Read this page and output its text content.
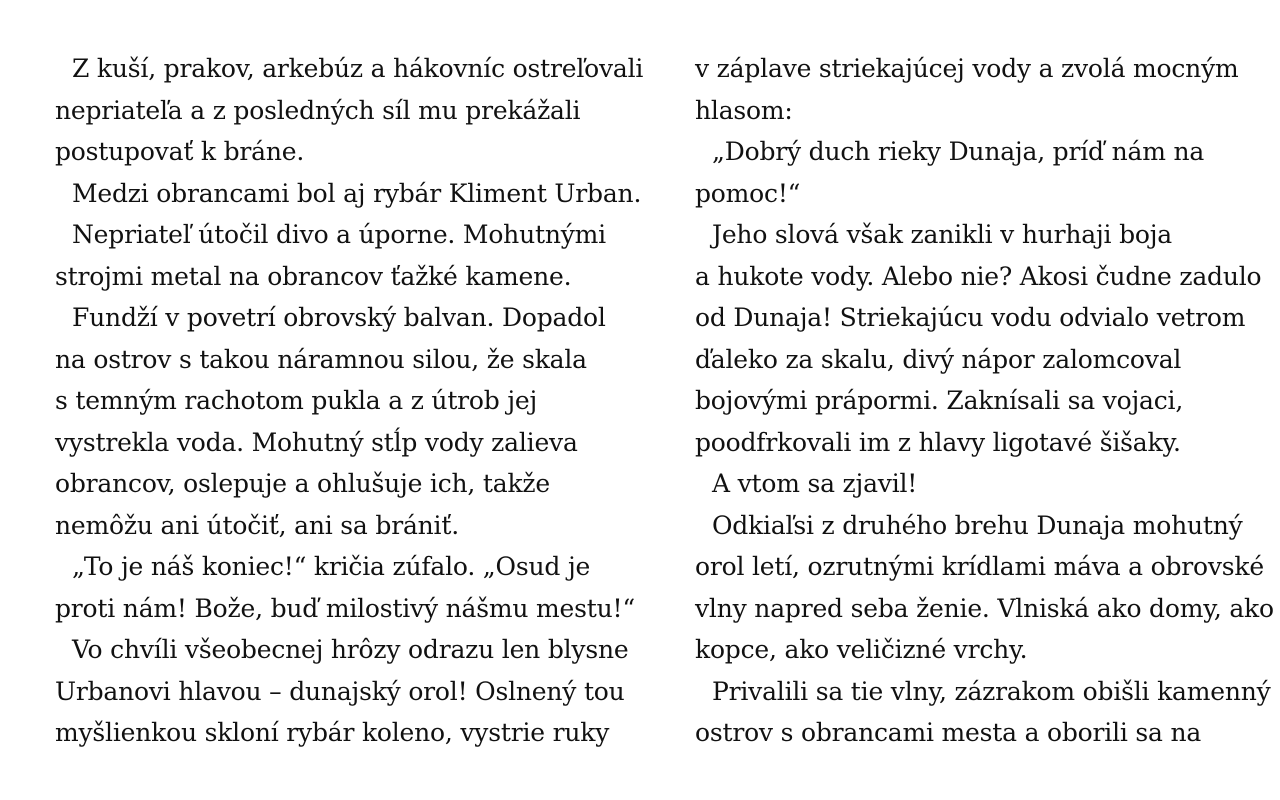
Z kuší, prakov, arkebúz a hákovníc ostreľovali
nepriateľa a z posledných síl mu prekážali
postupovať k bráne.
Medzi obrancami bol aj rybár Kliment Urban.
Nepriateľ útočil divo a úporne. Mohutnými
strojmi metal na obrancov ťažké kamene.
Fundží v povetrí obrovský balvan. Dopadol
na ostrov s takou náramnou silou, že skala
s temným rachotom pukla a z útrob jej
vystrekla voda. Mohutný stĺp vody zalieva
obrancov, oslepuje a ohlušuje ich, takže
nemôžu ani útočiť, ani sa brániť.
„To je náš koniec!“ kričia zúfalo. „Osud je
proti nám! Bože, buď milostivý nášmu mestu!“
Vo chvíli všeobecnej hrôzy odrazu len blysne
Urbanovi hlavou – dunajský orol! Oslnený tou
myšlienkou skloní rybár koleno, vystrie ruky
v záplave striekajúcej vody a zvolá mocným
hlasom:
„Dobrý duch rieky Dunaja, príď nám na
pomoc!“
Jeho slová však zanikli v hurhaji boja
a hukote vody. Alebo nie? Akosi čudne zadulo
od Dunaja! Striekajúcu vodu odvialo vetrom
ďaleko za skalu, divý nápor zalomcoval
bojovými prápormi. Zaknísali sa vojaci,
poodfrkovali im z hlavy ligotavé šišaky.
A vtom sa zjavil!
Odkiaľsi z druhého brehu Dunaja mohutný
orol letí, ozrutnými krídlami máva a obrovské
vlny napred seba ženie. Vlniská ako domy, ako
kopce, ako veličizné vrchy.
Privalili sa tie vlny, zázrakom obišli kamenný
ostrov s obrancami mesta a oborili sa na
